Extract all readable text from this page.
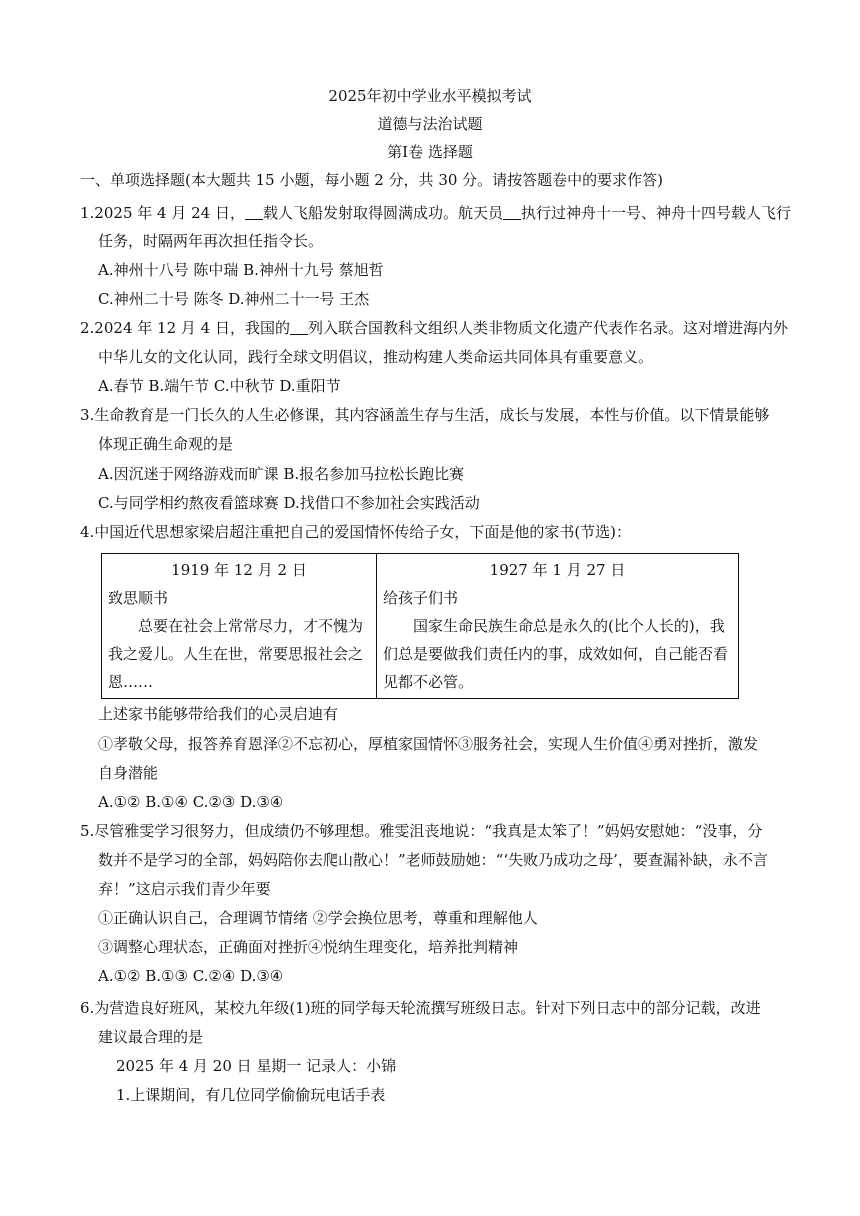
2025年初中学业水平模拟考试
道德与法治试题
第Ⅰ卷 选择题
一、单项选择题(本大题共 15 小题，每小题 2 分，共 30 分。请按答题卷中的要求作答)
1.2025 年 4 月 24 日， 载人飞船发射取得圆满成功。航天员 执行过神舟十一号、神舟十四号载人飞行
任务，时隔两年再次担任指令长。
A.神州十八号 陈中瑞 B.神州十九号 蔡旭哲
C.神州二十号 陈冬 D.神州二十一号 王杰
2.2024 年 12 月 4 日，我国的 列入联合国教科文组织人类非物质文化遗产代表作名录。这对增进海内外
中华儿女的文化认同，践行全球文明倡议，推动构建人类命运共同体具有重要意义。
A.春节 B.端午节 C.中秋节 D.重阳节
3.生命教育是一门长久的人生必修课，其内容涵盖生存与生活，成长与发展，本性与价值。以下情景能够
体现正确生命观的是
A.因沉迷于网络游戏而旷课 B.报名参加马拉松长跑比赛
C.与同学相约熬夜看篮球赛 D.找借口不参加社会实践活动
4.中国近代思想家梁启超注重把自己的爱国情怀传给子女，下面是他的家书(节选)：
1919 年 12 月 2 日
致思顺书
总要在社会上常常尽力，才不愧为我之爱儿。人生在世，常要思报社会之恩……

1927 年 1 月 27 日
给孩子们书
国家生命民族生命总是永久的(比个人长的)，我们总是要做我们责任内的事，成效如何，自己能否看见都不必管。
上述家书能够带给我们的心灵启迪有
①孝敬父母，报答养育恩泽②不忘初心，厚植家国情怀③服务社会，实现人生价值④勇对挫折，激发
自身潜能
A.①② B.①④ C.②③ D.③④
5.尽管雅雯学习很努力，但成绩仍不够理想。雅雯沮丧地说：“我真是太笨了！”妈妈安慰她：“没事，分
数并不是学习的全部，妈妈陪你去爬山散心！”老师鼓励她：“‘失败乃成功之母’，要查漏补缺，永不言
弃！”这启示我们青少年要
①正确认识自己，合理调节情绪 ②学会换位思考，尊重和理解他人
③调整心理状态，正确面对挫折④悦纳生理变化，培养批判精神
A.①② B.①③ C.②④ D.③④
6.为营造良好班风，某校九年级(1)班的同学每天轮流撰写班级日志。针对下列日志中的部分记载，改进
建议最合理的是
2025 年 4 月 20 日 星期一 记录人：小锦
1.上课期间，有几位同学偷偷玩电话手表
